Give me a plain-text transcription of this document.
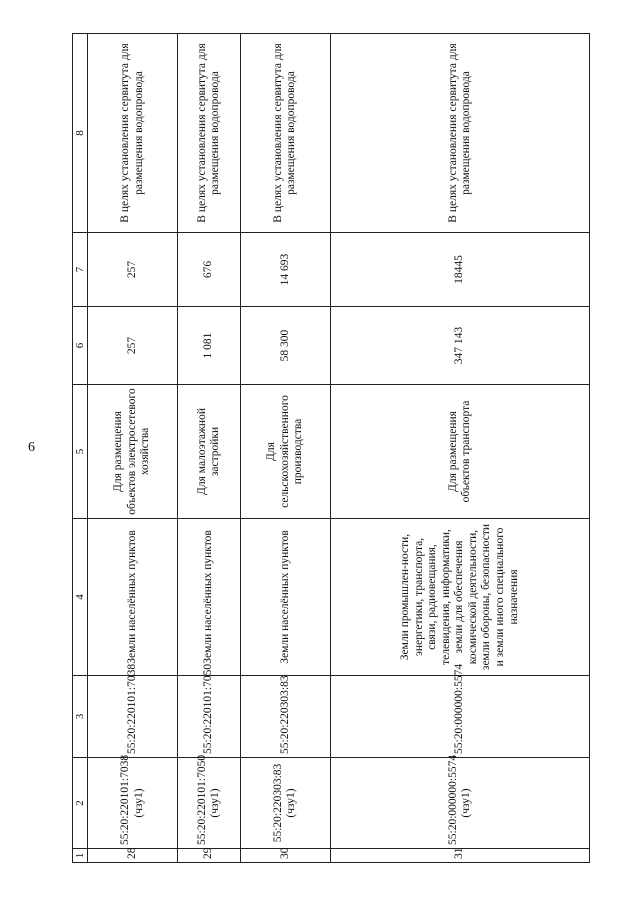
6
1	2	3	4	5	6	7	8
28	55:20:220101:7038 (чзу1)	55:20:220101:7038	Земли населённых пунктов	Для размещения объектов электросетевого хозяйства	257	257	В целях установления сервитута для размещения водопровода
29	55:20:220101:7050 (чзу1)	55:20:220101:7050	Земли населённых пунктов	Для малоэтажной застройки	1 081	676	В целях установления сервитута для размещения водопровода
30	55:20:220303:83 (чзу1)	55:20:220303:83	Земли населённых пунктов	Для сельскохозяйственного производства	58 300	14 693	В целях установления сервитута для размещения водопровода
31	55:20:000000:5574 (чзу1)	55:20:000000:5574	Земли промышлен-ности, энергетики, транспорта, связи, радиовещания, телевидения, информатики, земли для обеспечения космической деятельности, земли обороны, безопасности и земли иного специального назначения	Для размещения объектов транспорта	347 143	18445	В целях установления сервитута для размещения водопровода
